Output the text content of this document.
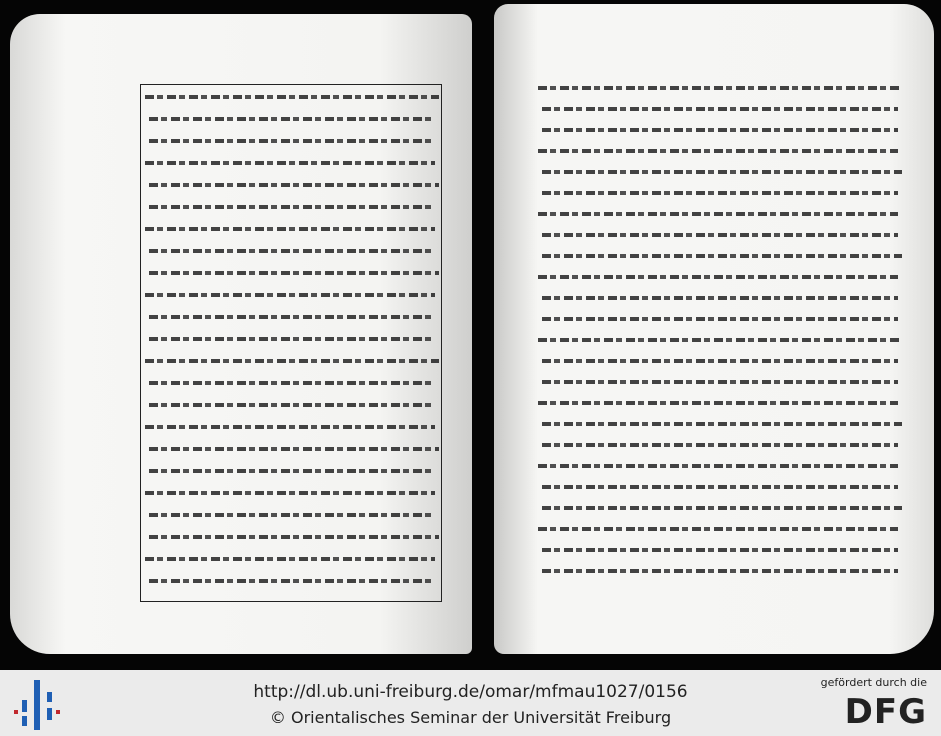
http://dl.ub.uni-freiburg.de/omar/mfmau1027/0156
© Orientalisches Seminar der Universität Freiburg
gefördert durch die
DFG
